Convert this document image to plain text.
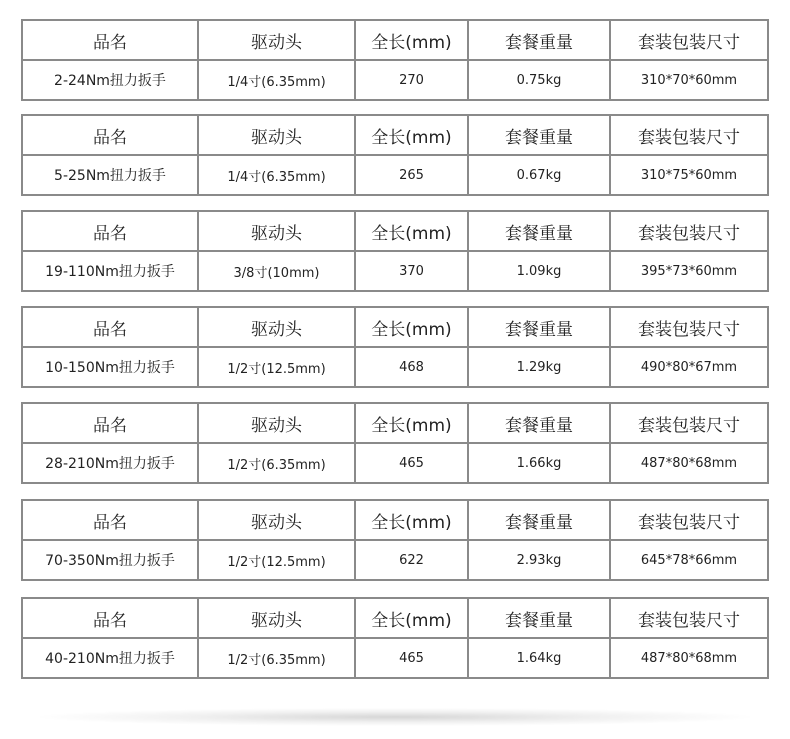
品名	驱动头	全长(mm)	套餐重量	套装包装尺寸
2-24Nm扭力扳手	1/4寸(6.35mm)	270	0.75kg	310*70*60mm
品名	驱动头	全长(mm)	套餐重量	套装包装尺寸
5-25Nm扭力扳手	1/4寸(6.35mm)	265	0.67kg	310*75*60mm
品名	驱动头	全长(mm)	套餐重量	套装包装尺寸
19-110Nm扭力扳手	3/8寸(10mm)	370	1.09kg	395*73*60mm
品名	驱动头	全长(mm)	套餐重量	套装包装尺寸
10-150Nm扭力扳手	1/2寸(12.5mm)	468	1.29kg	490*80*67mm
品名	驱动头	全长(mm)	套餐重量	套装包装尺寸
28-210Nm扭力扳手	1/2寸(6.35mm)	465	1.66kg	487*80*68mm
品名	驱动头	全长(mm)	套餐重量	套装包装尺寸
70-350Nm扭力扳手	1/2寸(12.5mm)	622	2.93kg	645*78*66mm
品名	驱动头	全长(mm)	套餐重量	套装包装尺寸
40-210Nm扭力扳手	1/2寸(6.35mm)	465	1.64kg	487*80*68mm
